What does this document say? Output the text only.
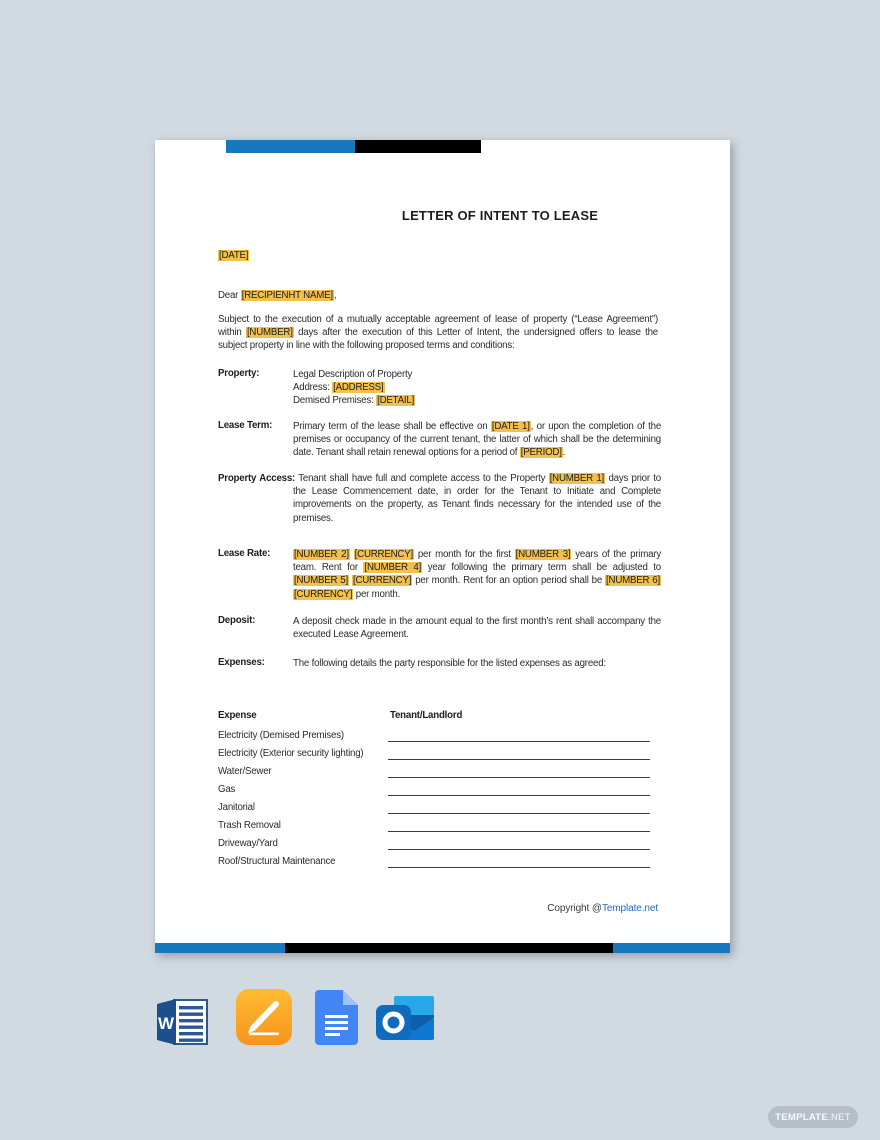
LETTER OF INTENT TO LEASE
[DATE]
Dear [RECIPIENHT NAME],
Subject to the execution of a mutually acceptable agreement of lease of property (“Lease Agreement”) within [NUMBER] days after the execution of this Letter of Intent, the undersigned offers to lease the subject property in line with the following proposed terms and conditions:
Property:	Legal Description of Property
Address: [ADDRESS]
Demised Premises: [DETAIL]
Lease Term: Primary term of the lease shall be effective on [DATE 1], or upon the completion of the premises or occupancy of the current tenant, the latter of which shall be the determining date. Tenant shall retain renewal options for a period of [PERIOD].
Property Access: Tenant shall have full and complete access to the Property [NUMBER 1] days prior to the Lease Commencement date, in order for the Tenant to Initiate and Complete improvements on the property, as Tenant finds necessary for the intended use of the premises.
Lease Rate: [NUMBER 2] [CURRENCY] per month for the first [NUMBER 3] years of the primary team. Rent for [NUMBER 4] year following the primary term shall be adjusted to [NUMBER 5] [CURRENCY] per month. Rent for an option period shall be [NUMBER 6] [CURRENCY] per month.
Deposit:	A deposit check made in the amount equal to the first month’s rent shall accompany the executed Lease Agreement.
Expenses:	The following details the party responsible for the listed expenses as agreed:
Expense	Tenant/Landlord
Electricity (Demised Premises)
Electricity (Exterior security lighting)
Water/Sewer
Gas
Janitorial
Trash Removal
Driveway/Yard
Roof/Structural Maintenance
Copyright @Template.net
W
TEMPLATE .NET
